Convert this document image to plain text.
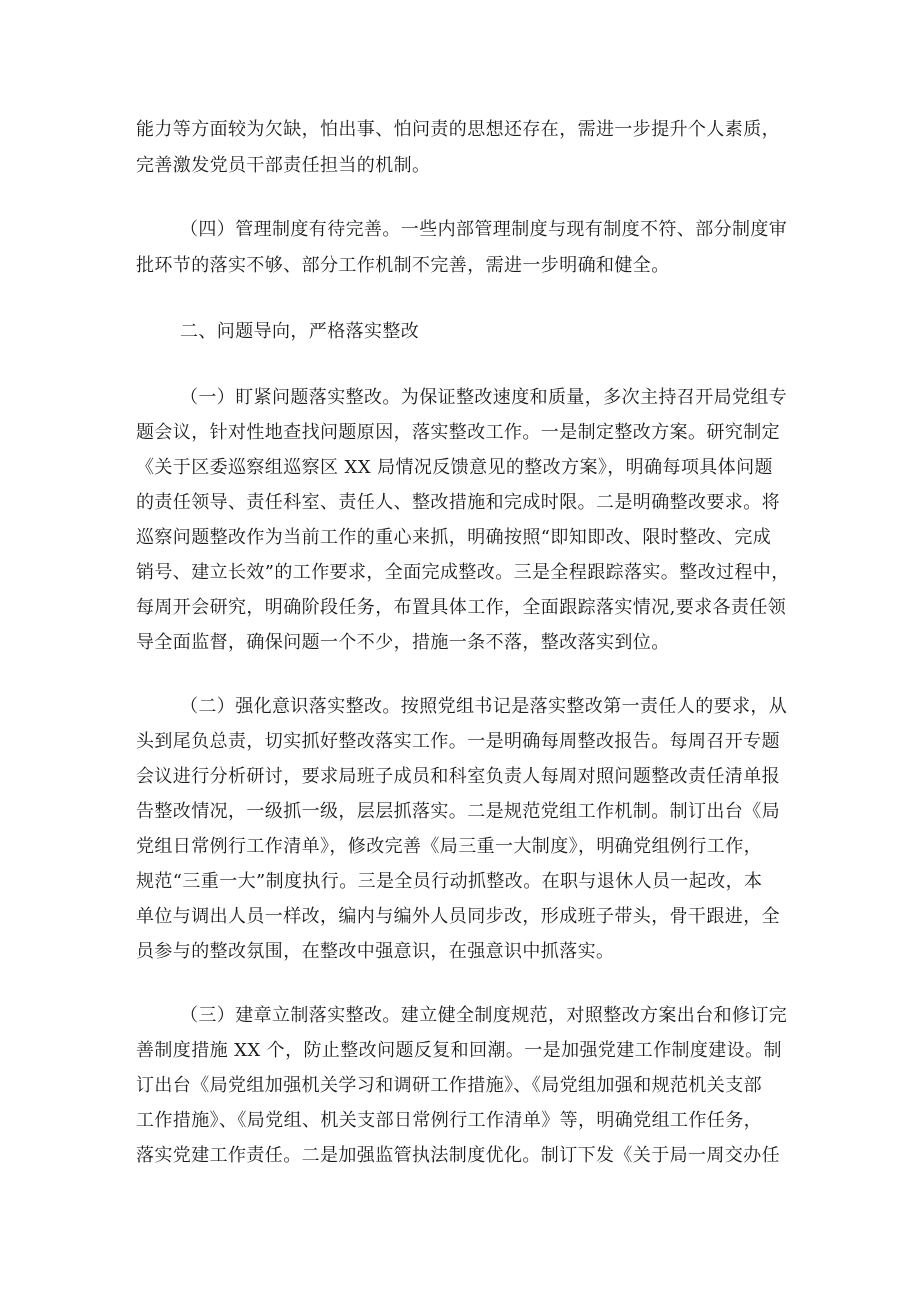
能力等方面较为欠缺，怕出事、怕问责的思想还存在，需进一步提升个人素质，
完善激发党员干部责任担当的机制。
（四）管理制度有待完善。一些内部管理制度与现有制度不符、部分制度审
批环节的落实不够、部分工作机制不完善，需进一步明确和健全。
二、问题导向，严格落实整改
（一）盯紧问题落实整改。为保证整改速度和质量，多次主持召开局党组专
题会议，针对性地查找问题原因，落实整改工作。一是制定整改方案。研究制定
《关于区委巡察组巡察区 XX 局情况反馈意见的整改方案》，明确每项具体问题
的责任领导、责任科室、责任人、整改措施和完成时限。二是明确整改要求。将
巡察问题整改作为当前工作的重心来抓，明确按照“即知即改、限时整改、完成
销号、建立长效”的工作要求，全面完成整改。三是全程跟踪落实。整改过程中，
每周开会研究，明确阶段任务，布置具体工作，全面跟踪落实情况,要求各责任领
导全面监督，确保问题一个不少，措施一条不落，整改落实到位。
（二）强化意识落实整改。按照党组书记是落实整改第一责任人的要求，从
头到尾负总责，切实抓好整改落实工作。一是明确每周整改报告。每周召开专题
会议进行分析研讨，要求局班子成员和科室负责人每周对照问题整改责任清单报
告整改情况，一级抓一级，层层抓落实。二是规范党组工作机制。制订出台《局
党组日常例行工作清单》，修改完善《局三重一大制度》，明确党组例行工作，
规范“三重一大”制度执行。三是全员行动抓整改。在职与退休人员一起改，本
单位与调出人员一样改，编内与编外人员同步改，形成班子带头，骨干跟进，全
员参与的整改氛围，在整改中强意识，在强意识中抓落实。
（三）建章立制落实整改。建立健全制度规范，对照整改方案出台和修订完
善制度措施 XX 个，防止整改问题反复和回潮。一是加强党建工作制度建设。制
订出台《局党组加强机关学习和调研工作措施》、《局党组加强和规范机关支部
工作措施》、《局党组、机关支部日常例行工作清单》等，明确党组工作任务，
落实党建工作责任。二是加强监管执法制度优化。制订下发《关于局一周交办任
